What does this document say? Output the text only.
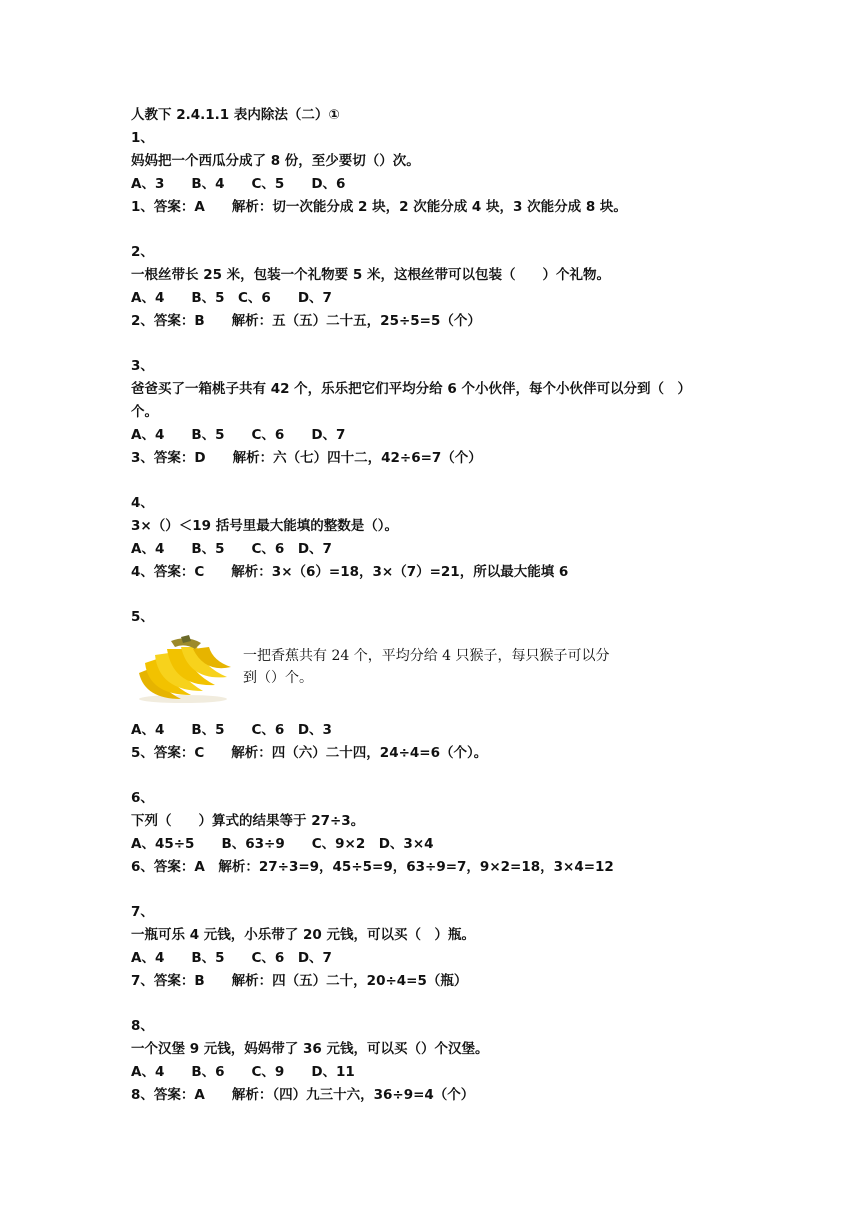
人教下 2.4.1.1 表内除法（二）①
1、
妈妈把一个西瓜分成了 8 份，至少要切（）次。
A、3　　B、4　　C、5　　D、6
1、答案：A　　解析：切一次能分成 2 块，2 次能分成 4 块，3 次能分成 8 块。
2、
一根丝带长 25 米，包装一个礼物要 5 米，这根丝带可以包装（　　）个礼物。
A、4　　B、5　C、6　　D、7
2、答案：B　　解析：五（五）二十五，25÷5=5（个）
3、
爸爸买了一箱桃子共有 42 个，乐乐把它们平均分给 6 个小伙伴，每个小伙伴可以分到（　）
个。
A、4　　B、5　　C、6　　D、7
3、答案：D　　解析：六（七）四十二，42÷6=7（个）
4、
3×（）＜19 括号里最大能填的整数是（）。
A、4　　B、5　　C、6　D、7
4、答案：C　　解析：3×（6）=18，3×（7）=21，所以最大能填 6
5、
一把香蕉共有 24 个，平均分给 4 只猴子，每只猴子可以分到（）个。
A、4　　B、5　　C、6　D、3
5、答案：C　　解析：四（六）二十四，24÷4=6（个）。
6、
下列（　　）算式的结果等于 27÷3。
A、45÷5　　B、63÷9　　C、9×2　D、3×4
6、答案：A　解析：27÷3=9，45÷5=9，63÷9=7，9×2=18，3×4=12
7、
一瓶可乐 4 元钱，小乐带了 20 元钱，可以买（　）瓶。
A、4　　B、5　　C、6　D、7
7、答案：B　　解析：四（五）二十，20÷4=5（瓶）
8、
一个汉堡 9 元钱，妈妈带了 36 元钱，可以买（）个汉堡。
A、4　　B、6　　C、9　　D、11
8、答案：A　　解析：（四）九三十六，36÷9=4（个）
